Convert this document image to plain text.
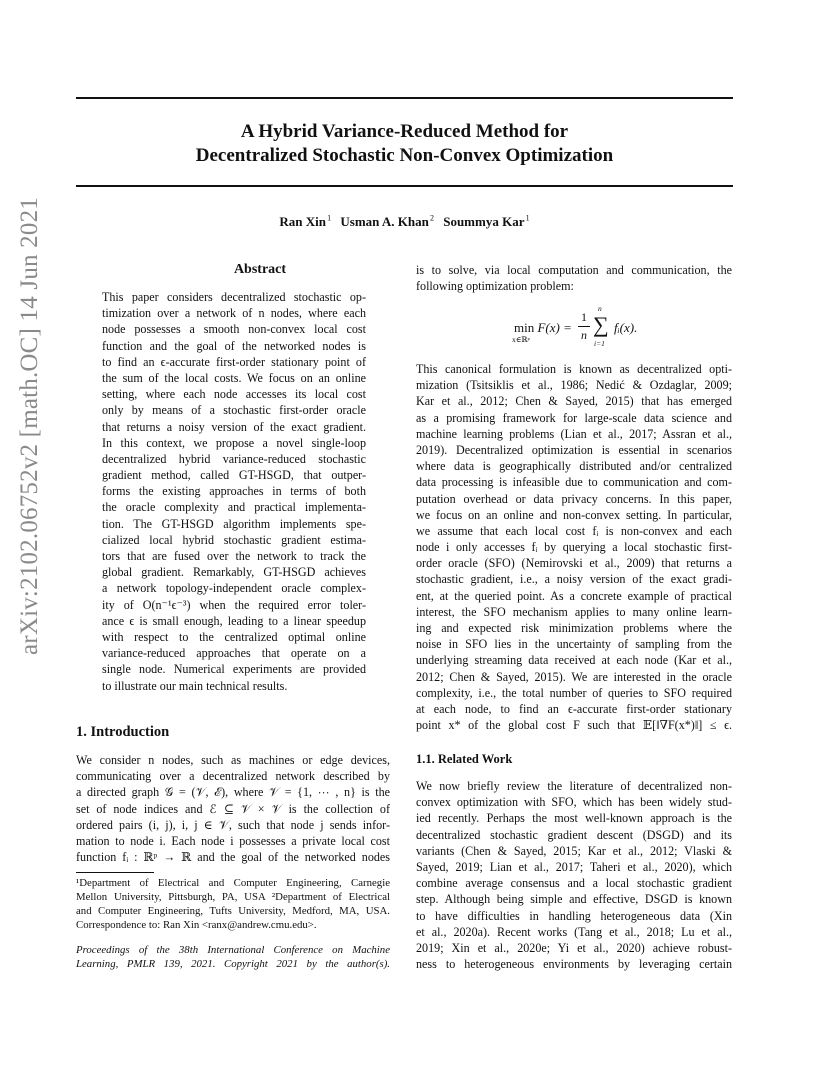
A Hybrid Variance-Reduced Method for
Decentralized Stochastic Non-Convex Optimization
Ran Xin $^1$ Usman A. Khan $^2$ Soummya Kar $^1$
arXiv:2102.06752v2 [math.OC] 14 Jun 2021	Abstract
This paper considers decentralized stochastic op-
timization over a network of n nodes, where each
node possesses a smooth non-convex local cost
function and the goal of the networked nodes is
to find an ϵ-accurate first-order stationary point of
the sum of the local costs. We focus on an online
setting, where each node accesses its local cost
only by means of a stochastic first-order oracle
that returns a noisy version of the exact gradient.
In this context, we propose a novel single-loop
decentralized hybrid variance-reduced stochastic
gradient method, called GT-HSGD, that outper-
forms the existing approaches in terms of both
the oracle complexity and practical implementa-
tion. The GT-HSGD algorithm implements spe-
cialized local hybrid stochastic gradient estima-
tors that are fused over the network to track the
global gradient. Remarkably, GT-HSGD achieves
a network topology-independent oracle complex-
ity of O(n⁻¹ϵ⁻³) when the required error toler-
ance ϵ is small enough, leading to a linear speedup
with respect to the centralized optimal online
variance-reduced approaches that operate on a
single node. Numerical experiments are provided
to illustrate our main technical results.
1. Introduction
We consider n nodes, such as machines or edge devices,
communicating over a decentralized network described by
a directed graph 𝒢 = (𝒱, ℰ), where 𝒱 = {1, ⋯ , n} is the
set of node indices and ℰ ⊆ 𝒱 × 𝒱 is the collection of
ordered pairs (i, j), i, j ∈ 𝒱, such that node j sends infor-
mation to node i. Each node i possesses a private local cost
function fᵢ : ℝᵖ → ℝ and the goal of the networked nodes
¹Department of Electrical and Computer Engineering, Carnegie
Mellon University, Pittsburgh, PA, USA ²Department of Electrical
and Computer Engineering, Tufts University, Medford, MA, USA.
Correspondence to: Ran Xin <ranx@andrew.cmu.edu>.
Proceedings of the 38th International Conference on Machine
Learning, PMLR 139, 2021. Copyright 2021 by the author(s).
is to solve, via local computation and communication, the
following optimization problem:
min
x∈ℝᵖ
F(x) =
1
n
n
∑
i=1
fᵢ(x).
This canonical formulation is known as decentralized opti-
mization (Tsitsiklis et al., 1986; Nedić & Ozdaglar, 2009;
Kar et al., 2012; Chen & Sayed, 2015) that has emerged
as a promising framework for large-scale data science and
machine learning problems (Lian et al., 2017; Assran et al.,
2019). Decentralized optimization is essential in scenarios
where data is geographically distributed and/or centralized
data processing is infeasible due to communication and com-
putation overhead or data privacy concerns. In this paper,
we focus on an online and non-convex setting. In particular,
we assume that each local cost fᵢ is non-convex and each
node i only accesses fᵢ by querying a local stochastic first-
order oracle (SFO) (Nemirovski et al., 2009) that returns a
stochastic gradient, i.e., a noisy version of the exact gradi-
ent, at the queried point. As a concrete example of practical
interest, the SFO mechanism applies to many online learn-
ing and expected risk minimization problems where the
noise in SFO lies in the uncertainty of sampling from the
underlying streaming data received at each node (Kar et al.,
2012; Chen & Sayed, 2015). We are interested in the oracle
complexity, i.e., the total number of queries to SFO required
at each node, to find an ϵ-accurate first-order stationary
point x* of the global cost F such that 𝔼[‖∇F(x*)‖] ≤ ϵ.
1.1. Related Work
We now briefly review the literature of decentralized non-
convex optimization with SFO, which has been widely stud-
ied recently. Perhaps the most well-known approach is the
decentralized stochastic gradient descent (DSGD) and its
variants (Chen & Sayed, 2015; Kar et al., 2012; Vlaski &
Sayed, 2019; Lian et al., 2017; Taheri et al., 2020), which
combine average consensus and a local stochastic gradient
step. Although being simple and effective, DSGD is known
to have difficulties in handling heterogeneous data (Xin
et al., 2020a). Recent works (Tang et al., 2018; Lu et al.,
2019; Xin et al., 2020e; Yi et al., 2020) achieve robust-
ness to heterogeneous environments by leveraging certain
